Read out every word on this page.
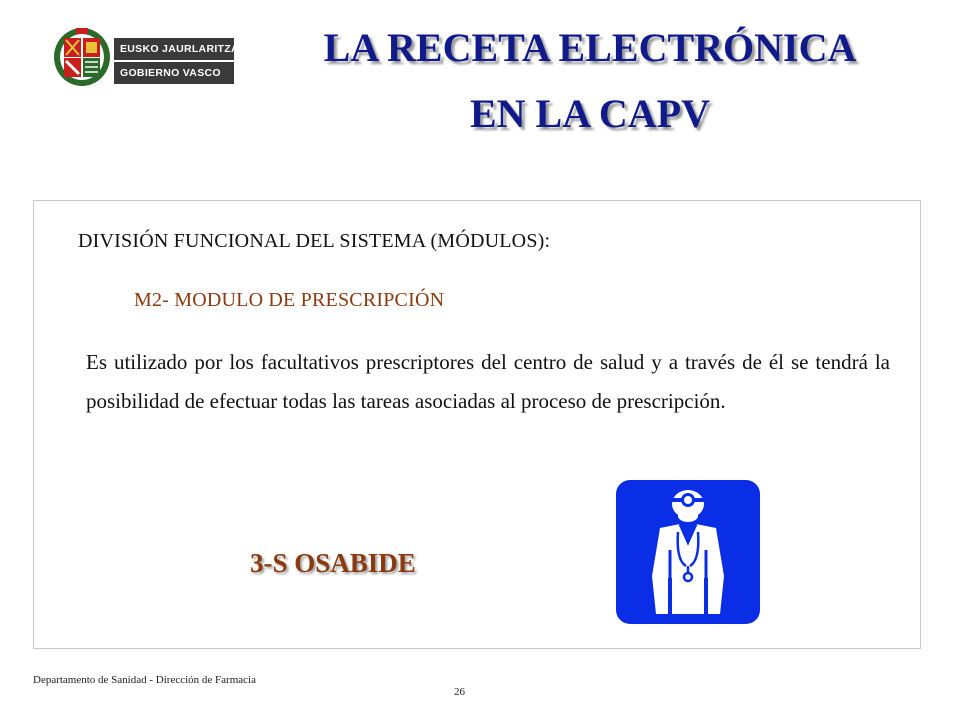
EUSKO JAURLARITZA
GOBIERNO VASCO
LA RECETA ELECTRÓNICA
EN LA CAPV
DIVISIÓN FUNCIONAL DEL SISTEMA (MÓDULOS):
M2- MODULO DE PRESCRIPCIÓN

Es utilizado por los facultativos prescriptores del centro de salud y a través de él se tendrá la posibilidad de efectuar todas las tareas asociadas al proceso de prescripción.

3-S OSABIDE
Departamento de Sanidad - Dirección de Farmacia
26
